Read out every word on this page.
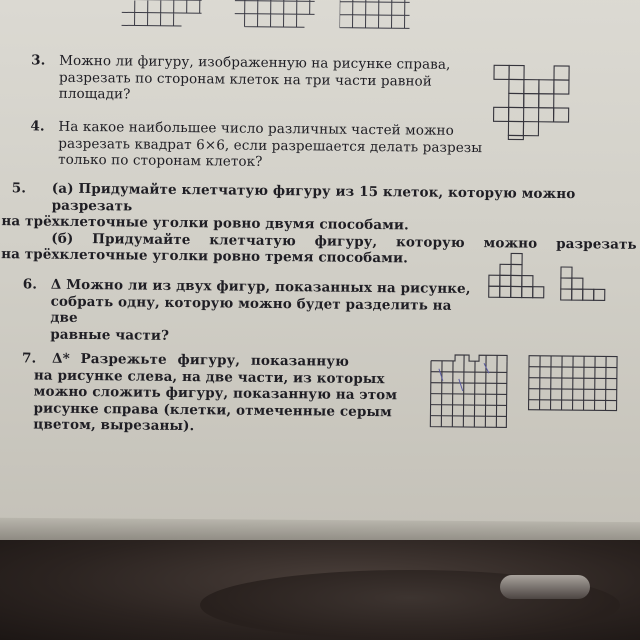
3. Можно ли фигуру, изображенную на рисунке справа,
разрезать по сторонам клеток на три части равной
площади?
4. На какое наибольшее число различных частей можно
разрезать квадрат 6×6, если разрешается делать разрезы
только по сторонам клеток?
5. (а) Придумайте клетчатую фигуру из 15 клеток, которую можно разрезать
на трёхклеточные уголки ровно двумя способами.
(б) Придумайте клетчатую фигуру, которую можно разрезать
на трёхклеточные уголки ровно тремя способами.
6. Δ Можно ли из двух фигур, показанных на рисунке,
собрать одну, которую можно будет разделить на две
равные части?
7. Δ* Разрежьте фигуру, показанную
на рисунке слева, на две части, из которых
можно сложить фигуру, показанную на этом
рисунке справа (клетки, отмеченные серым
цветом, вырезаны).
